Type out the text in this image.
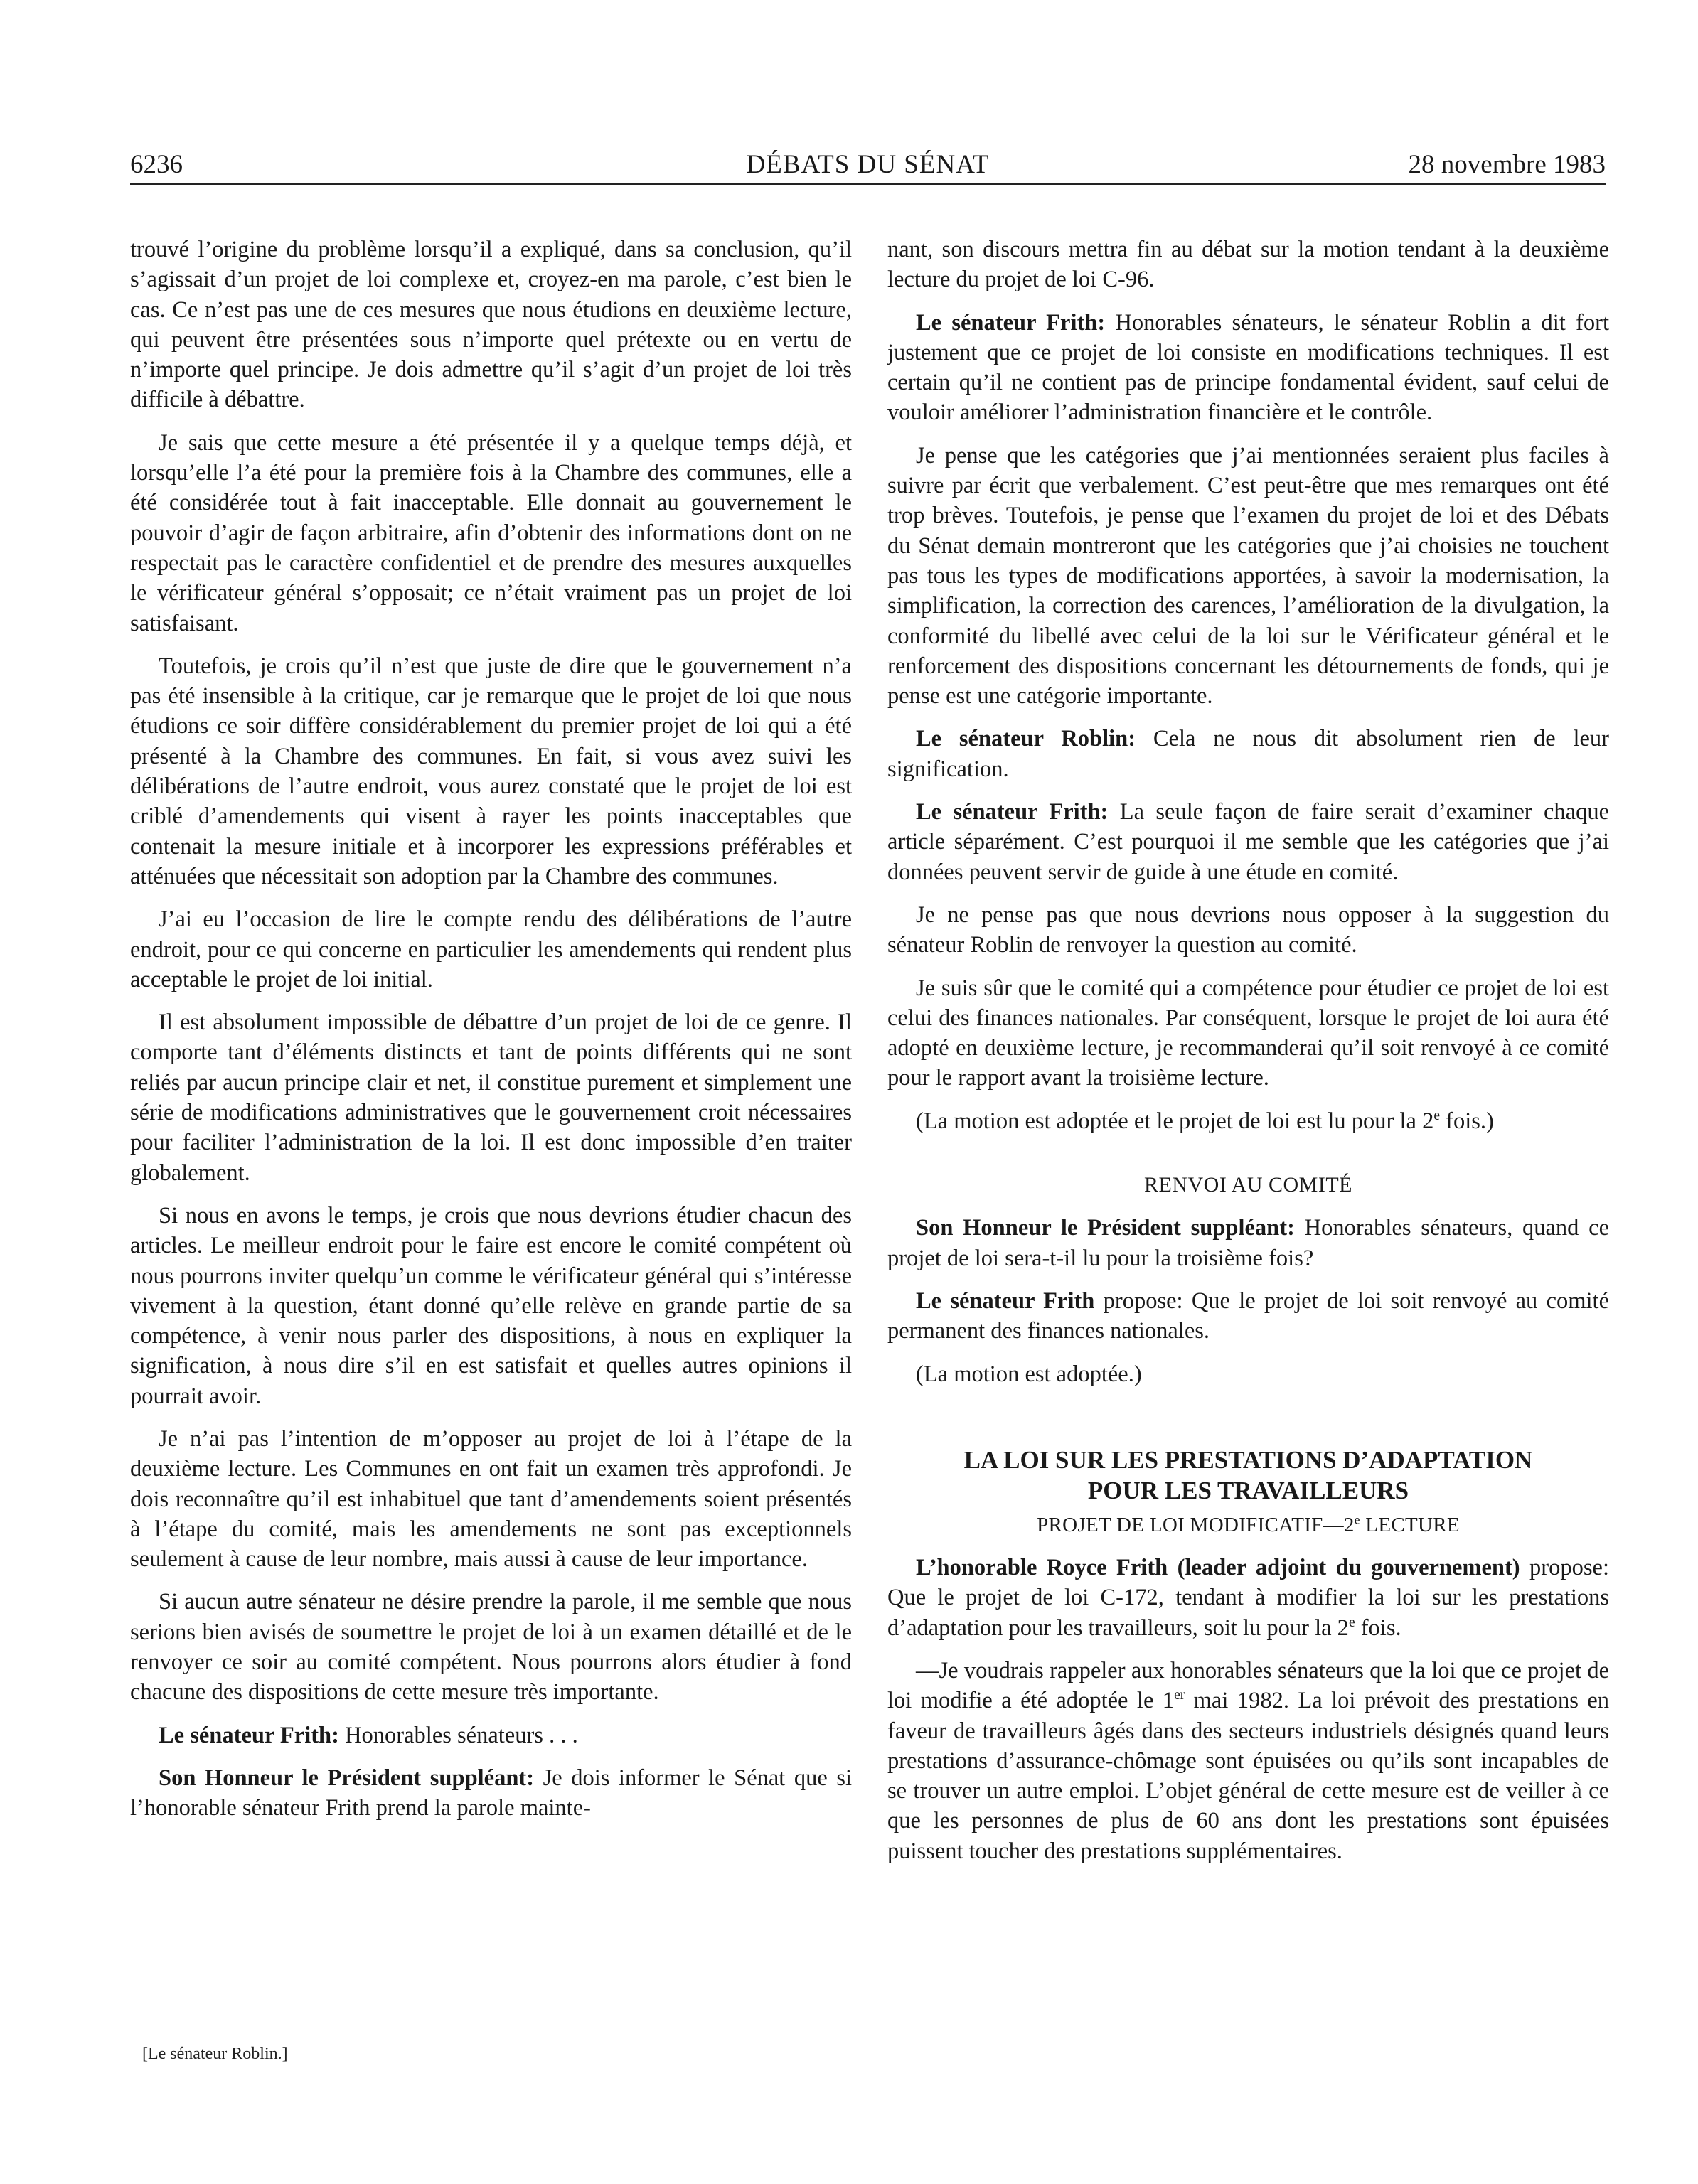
6236	DÉBATS DU SÉNAT	28 novembre 1983

trouvé l’origine du problème lorsqu’il a expliqué, dans sa conclusion, qu’il s’agissait d’un projet de loi complexe et, croyez-en ma parole, c’est bien le cas. Ce n’est pas une de ces mesures que nous étudions en deuxième lecture, qui peuvent être présentées sous n’importe quel prétexte ou en vertu de n’importe quel principe. Je dois admettre qu’il s’agit d’un projet de loi très difficile à débattre.

Je sais que cette mesure a été présentée il y a quelque temps déjà, et lorsqu’elle l’a été pour la première fois à la Chambre des communes, elle a été considérée tout à fait inacceptable. Elle donnait au gouvernement le pouvoir d’agir de façon arbitraire, afin d’obtenir des informations dont on ne respectait pas le caractère confidentiel et de prendre des mesures auxquelles le vérificateur général s’opposait; ce n’était vraiment pas un projet de loi satisfaisant.

Toutefois, je crois qu’il n’est que juste de dire que le gouvernement n’a pas été insensible à la critique, car je remarque que le projet de loi que nous étudions ce soir diffère considérablement du premier projet de loi qui a été présenté à la Chambre des communes. En fait, si vous avez suivi les délibérations de l’autre endroit, vous aurez constaté que le projet de loi est criblé d’amendements qui visent à rayer les points inacceptables que contenait la mesure initiale et à incorporer les expressions préférables et atténuées que nécessitait son adoption par la Chambre des communes.

J’ai eu l’occasion de lire le compte rendu des délibérations de l’autre endroit, pour ce qui concerne en particulier les amendements qui rendent plus acceptable le projet de loi initial.

Il est absolument impossible de débattre d’un projet de loi de ce genre. Il comporte tant d’éléments distincts et tant de points différents qui ne sont reliés par aucun principe clair et net, il constitue purement et simplement une série de modifications administratives que le gouvernement croit nécessaires pour faciliter l’administration de la loi. Il est donc impossible d’en traiter globalement.

Si nous en avons le temps, je crois que nous devrions étudier chacun des articles. Le meilleur endroit pour le faire est encore le comité compétent où nous pourrons inviter quelqu’un comme le vérificateur général qui s’intéresse vivement à la question, étant donné qu’elle relève en grande partie de sa compétence, à venir nous parler des dispositions, à nous en expliquer la signification, à nous dire s’il en est satisfait et quelles autres opinions il pourrait avoir.

Je n’ai pas l’intention de m’opposer au projet de loi à l’étape de la deuxième lecture. Les Communes en ont fait un examen très approfondi. Je dois reconnaître qu’il est inhabituel que tant d’amendements soient présentés à l’étape du comité, mais les amendements ne sont pas exceptionnels seulement à cause de leur nombre, mais aussi à cause de leur importance.

Si aucun autre sénateur ne désire prendre la parole, il me semble que nous serions bien avisés de soumettre le projet de loi à un examen détaillé et de le renvoyer ce soir au comité compétent. Nous pourrons alors étudier à fond chacune des dispositions de cette mesure très importante.

Le sénateur Frith: Honorables sénateurs . . .

Son Honneur le Président suppléant: Je dois informer le Sénat que si l’honorable sénateur Frith prend la parole mainte-

[Le sénateur Roblin.]

nant, son discours mettra fin au débat sur la motion tendant à la deuxième lecture du projet de loi C-96.

Le sénateur Frith: Honorables sénateurs, le sénateur Roblin a dit fort justement que ce projet de loi consiste en modifications techniques. Il est certain qu’il ne contient pas de principe fondamental évident, sauf celui de vouloir améliorer l’administration financière et le contrôle.

Je pense que les catégories que j’ai mentionnées seraient plus faciles à suivre par écrit que verbalement. C’est peut-être que mes remarques ont été trop brèves. Toutefois, je pense que l’examen du projet de loi et des Débats du Sénat demain montreront que les catégories que j’ai choisies ne touchent pas tous les types de modifications apportées, à savoir la modernisation, la simplification, la correction des carences, l’amélioration de la divulgation, la conformité du libellé avec celui de la loi sur le Vérificateur général et le renforcement des dispositions concernant les détournements de fonds, qui je pense est une catégorie importante.

Le sénateur Roblin: Cela ne nous dit absolument rien de leur signification.

Le sénateur Frith: La seule façon de faire serait d’examiner chaque article séparément. C’est pourquoi il me semble que les catégories que j’ai données peuvent servir de guide à une étude en comité.

Je ne pense pas que nous devrions nous opposer à la suggestion du sénateur Roblin de renvoyer la question au comité.

Je suis sûr que le comité qui a compétence pour étudier ce projet de loi est celui des finances nationales. Par conséquent, lorsque le projet de loi aura été adopté en deuxième lecture, je recommanderai qu’il soit renvoyé à ce comité pour le rapport avant la troisième lecture.

(La motion est adoptée et le projet de loi est lu pour la 2e fois.)

RENVOI AU COMITÉ

Son Honneur le Président suppléant: Honorables sénateurs, quand ce projet de loi sera-t-il lu pour la troisième fois?

Le sénateur Frith propose: Que le projet de loi soit renvoyé au comité permanent des finances nationales.

(La motion est adoptée.)

LA LOI SUR LES PRESTATIONS D’ADAPTATION
POUR LES TRAVAILLEURS
PROJET DE LOI MODIFICATIF—2e LECTURE

L’honorable Royce Frith (leader adjoint du gouvernement) propose: Que le projet de loi C-172, tendant à modifier la loi sur les prestations d’adaptation pour les travailleurs, soit lu pour la 2e fois.

—Je voudrais rappeler aux honorables sénateurs que la loi que ce projet de loi modifie a été adoptée le 1er mai 1982. La loi prévoit des prestations en faveur de travailleurs âgés dans des secteurs industriels désignés quand leurs prestations d’assurance-chômage sont épuisées ou qu’ils sont incapables de se trouver un autre emploi. L’objet général de cette mesure est de veiller à ce que les personnes de plus de 60 ans dont les prestations sont épuisées puissent toucher des prestations supplémentaires.
